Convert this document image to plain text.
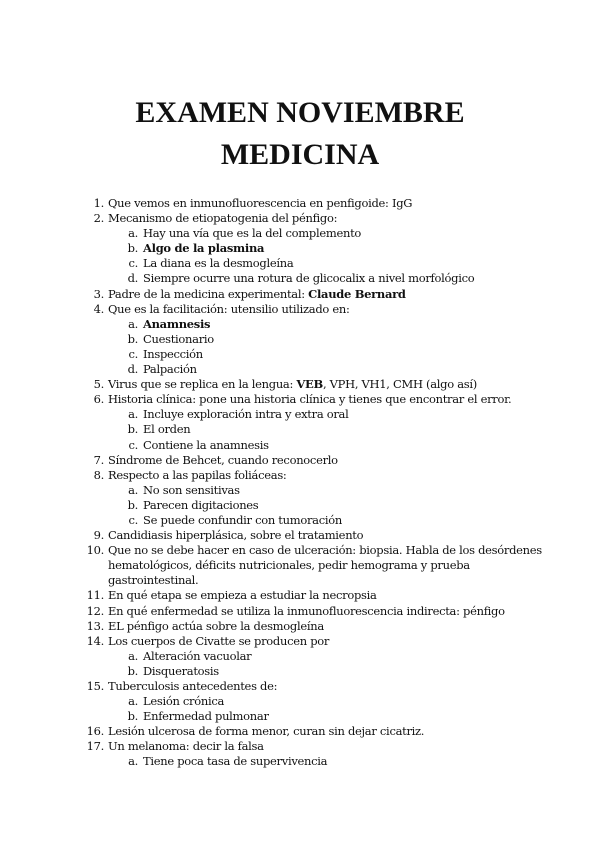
EXAMEN NOVIEMBRE
MEDICINA
1. Que vemos en inmunofluorescencia en penfigoide: IgG
2. Mecanismo de etiopatogenia del pénfigo:
a. Hay una vía que es la del complemento
b. Algo de la plasmina
c. La diana es la desmogleína
d. Siempre ocurre una rotura de glicocalix a nivel morfológico
3. Padre de la medicina experimental: Claude Bernard
4. Que es la facilitación: utensilio utilizado en:
a. Anamnesis
b. Cuestionario
c. Inspección
d. Palpación
5. Virus que se replica en la lengua: VEB, VPH, VH1, CMH (algo así)
6. Historia clínica: pone una historia clínica y tienes que encontrar el error.
a. Incluye exploración intra y extra oral
b. El orden
c. Contiene la anamnesis
7. Síndrome de Behcet, cuando reconocerlo
8. Respecto a las papilas foliáceas:
a. No son sensitivas
b. Parecen digitaciones
c. Se puede confundir con tumoración
9. Candidiasis hiperplásica, sobre el tratamiento
10. Que no se debe hacer en caso de ulceración: biopsia. Habla de los desórdenes
hematológicos, déficits nutricionales, pedir hemograma y prueba
gastrointestinal.
11. En qué etapa se empieza a estudiar la necropsia
12. En qué enfermedad se utiliza la inmunofluorescencia indirecta: pénfigo
13. EL pénfigo actúa sobre la desmogleína
14. Los cuerpos de Civatte se producen por
a. Alteración vacuolar
b. Disqueratosis
15. Tuberculosis antecedentes de:
a. Lesión crónica
b. Enfermedad pulmonar
16. Lesión ulcerosa de forma menor, curan sin dejar cicatriz.
17. Un melanoma: decir la falsa
a. Tiene poca tasa de supervivencia
